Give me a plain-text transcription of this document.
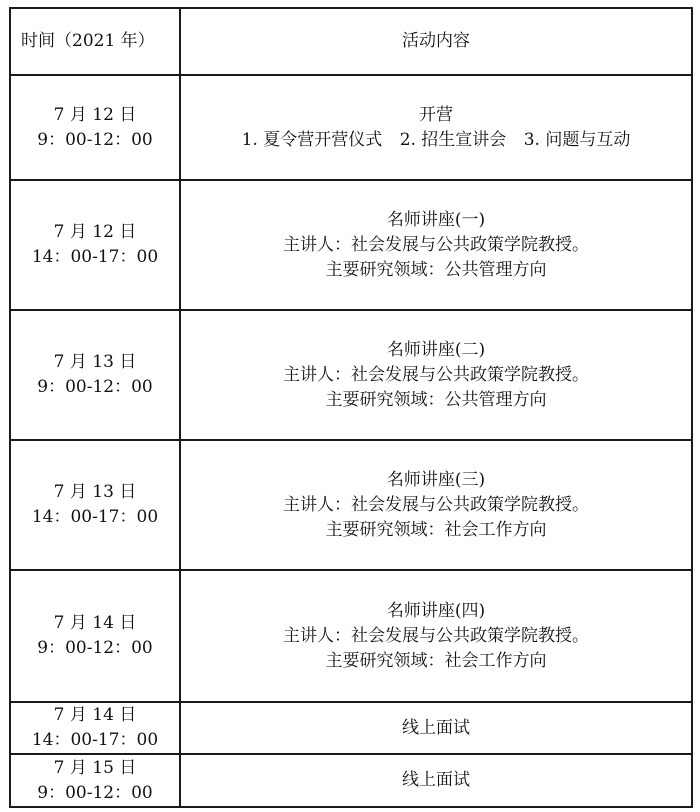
时间（2021 年）	活动内容

7 月 12 日
9：00-12：00	开营
1. 夏令营开营仪式 2. 招生宣讲会 3. 问题与互动

7 月 12 日
14：00-17：00	名师讲座(一)
主讲人：社会发展与公共政策学院教授。
主要研究领域：公共管理方向

7 月 13 日
9：00-12：00	名师讲座(二)
主讲人：社会发展与公共政策学院教授。
主要研究领域：公共管理方向

7 月 13 日
14：00-17：00	名师讲座(三)
主讲人：社会发展与公共政策学院教授。
主要研究领域：社会工作方向

7 月 14 日
9：00-12：00	名师讲座(四)
主讲人：社会发展与公共政策学院教授。
主要研究领域：社会工作方向

7 月 14 日
14：00-17：00	线上面试

7 月 15 日
9：00-12：00	线上面试
